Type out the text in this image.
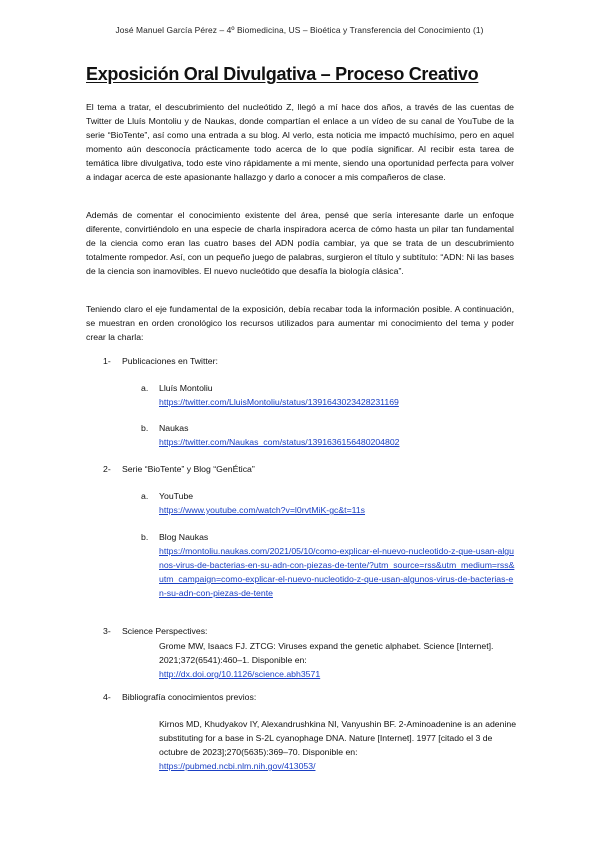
José Manuel García Pérez – 4º Biomedicina, US – Bioética y Transferencia del Conocimiento (1)
Exposición Oral Divulgativa – Proceso Creativo

El tema a tratar, el descubrimiento del nucleótido Z, llegó a mí hace dos años, a través de las cuentas de Twitter de Lluís Montoliu y de Naukas, donde compartían el enlace a un vídeo de su canal de YouTube de la serie “BioTente”, así como una entrada a su blog. Al verlo, esta noticia me impactó muchísimo, pero en aquel momento aún desconocía prácticamente todo acerca de lo que podía significar. Al recibir esta tarea de temática libre divulgativa, todo este vino rápidamente a mi mente, siendo una oportunidad perfecta para volver a indagar acerca de este apasionante hallazgo y darlo a conocer a mis compañeros de clase.

Además de comentar el conocimiento existente del área, pensé que sería interesante darle un enfoque diferente, convirtiéndolo en una especie de charla inspiradora acerca de cómo hasta un pilar tan fundamental de la ciencia como eran las cuatro bases del ADN podía cambiar, ya que se trata de un descubrimiento totalmente rompedor. Así, con un pequeño juego de palabras, surgieron el título y subtítulo: “ADN: Ni las bases de la ciencia son inamovibles. El nuevo nucleótido que desafía la biología clásica”.

Teniendo claro el eje fundamental de la exposición, debía recabar toda la información posible. A continuación, se muestran en orden cronológico los recursos utilizados para aumentar mi conocimiento del tema y poder crear la charla:

1- Publicaciones en Twitter:
a. Lluís Montoliu
https://twitter.com/LluisMontoliu/status/1391643023428231169
b. Naukas
https://twitter.com/Naukas_com/status/1391636156480204802
2- Serie “BioTente” y Blog “GenÉtica”
a. YouTube
https://www.youtube.com/watch?v=l0rvtMiK-gc&t=11s
b. Blog Naukas
https://montoliu.naukas.com/2021/05/10/como-explicar-el-nuevo-nucleotido-z-que-usan-algunos-virus-de-bacterias-en-su-adn-con-piezas-de-tente/?utm_source=rss&utm_medium=rss&utm_campaign=como-explicar-el-nuevo-nucleotido-z-que-usan-algunos-virus-de-bacterias-en-su-adn-con-piezas-de-tente
3- Science Perspectives:
Grome MW, Isaacs FJ. ZTCG: Viruses expand the genetic alphabet. Science [Internet]. 2021;372(6541):460–1. Disponible en:
http://dx.doi.org/10.1126/science.abh3571
4- Bibliografía conocimientos previos:
Kirnos MD, Khudyakov IY, Alexandrushkina NI, Vanyushin BF. 2-Aminoadenine is an adenine substituting for a base in S-2L cyanophage DNA. Nature [Internet]. 1977 [citado el 3 de octubre de 2023];270(5635):369–70. Disponible en:
https://pubmed.ncbi.nlm.nih.gov/413053/
